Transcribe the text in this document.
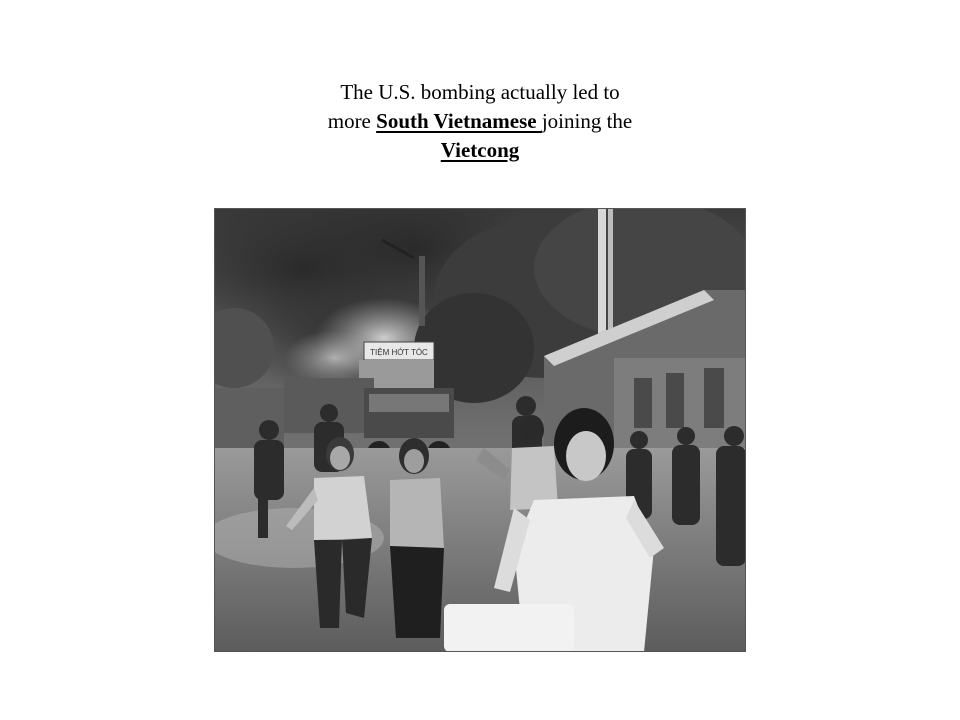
The U.S. bombing actually led to
more South Vietnamese joining the
Vietcong
TIỆM HỚT TÓC
